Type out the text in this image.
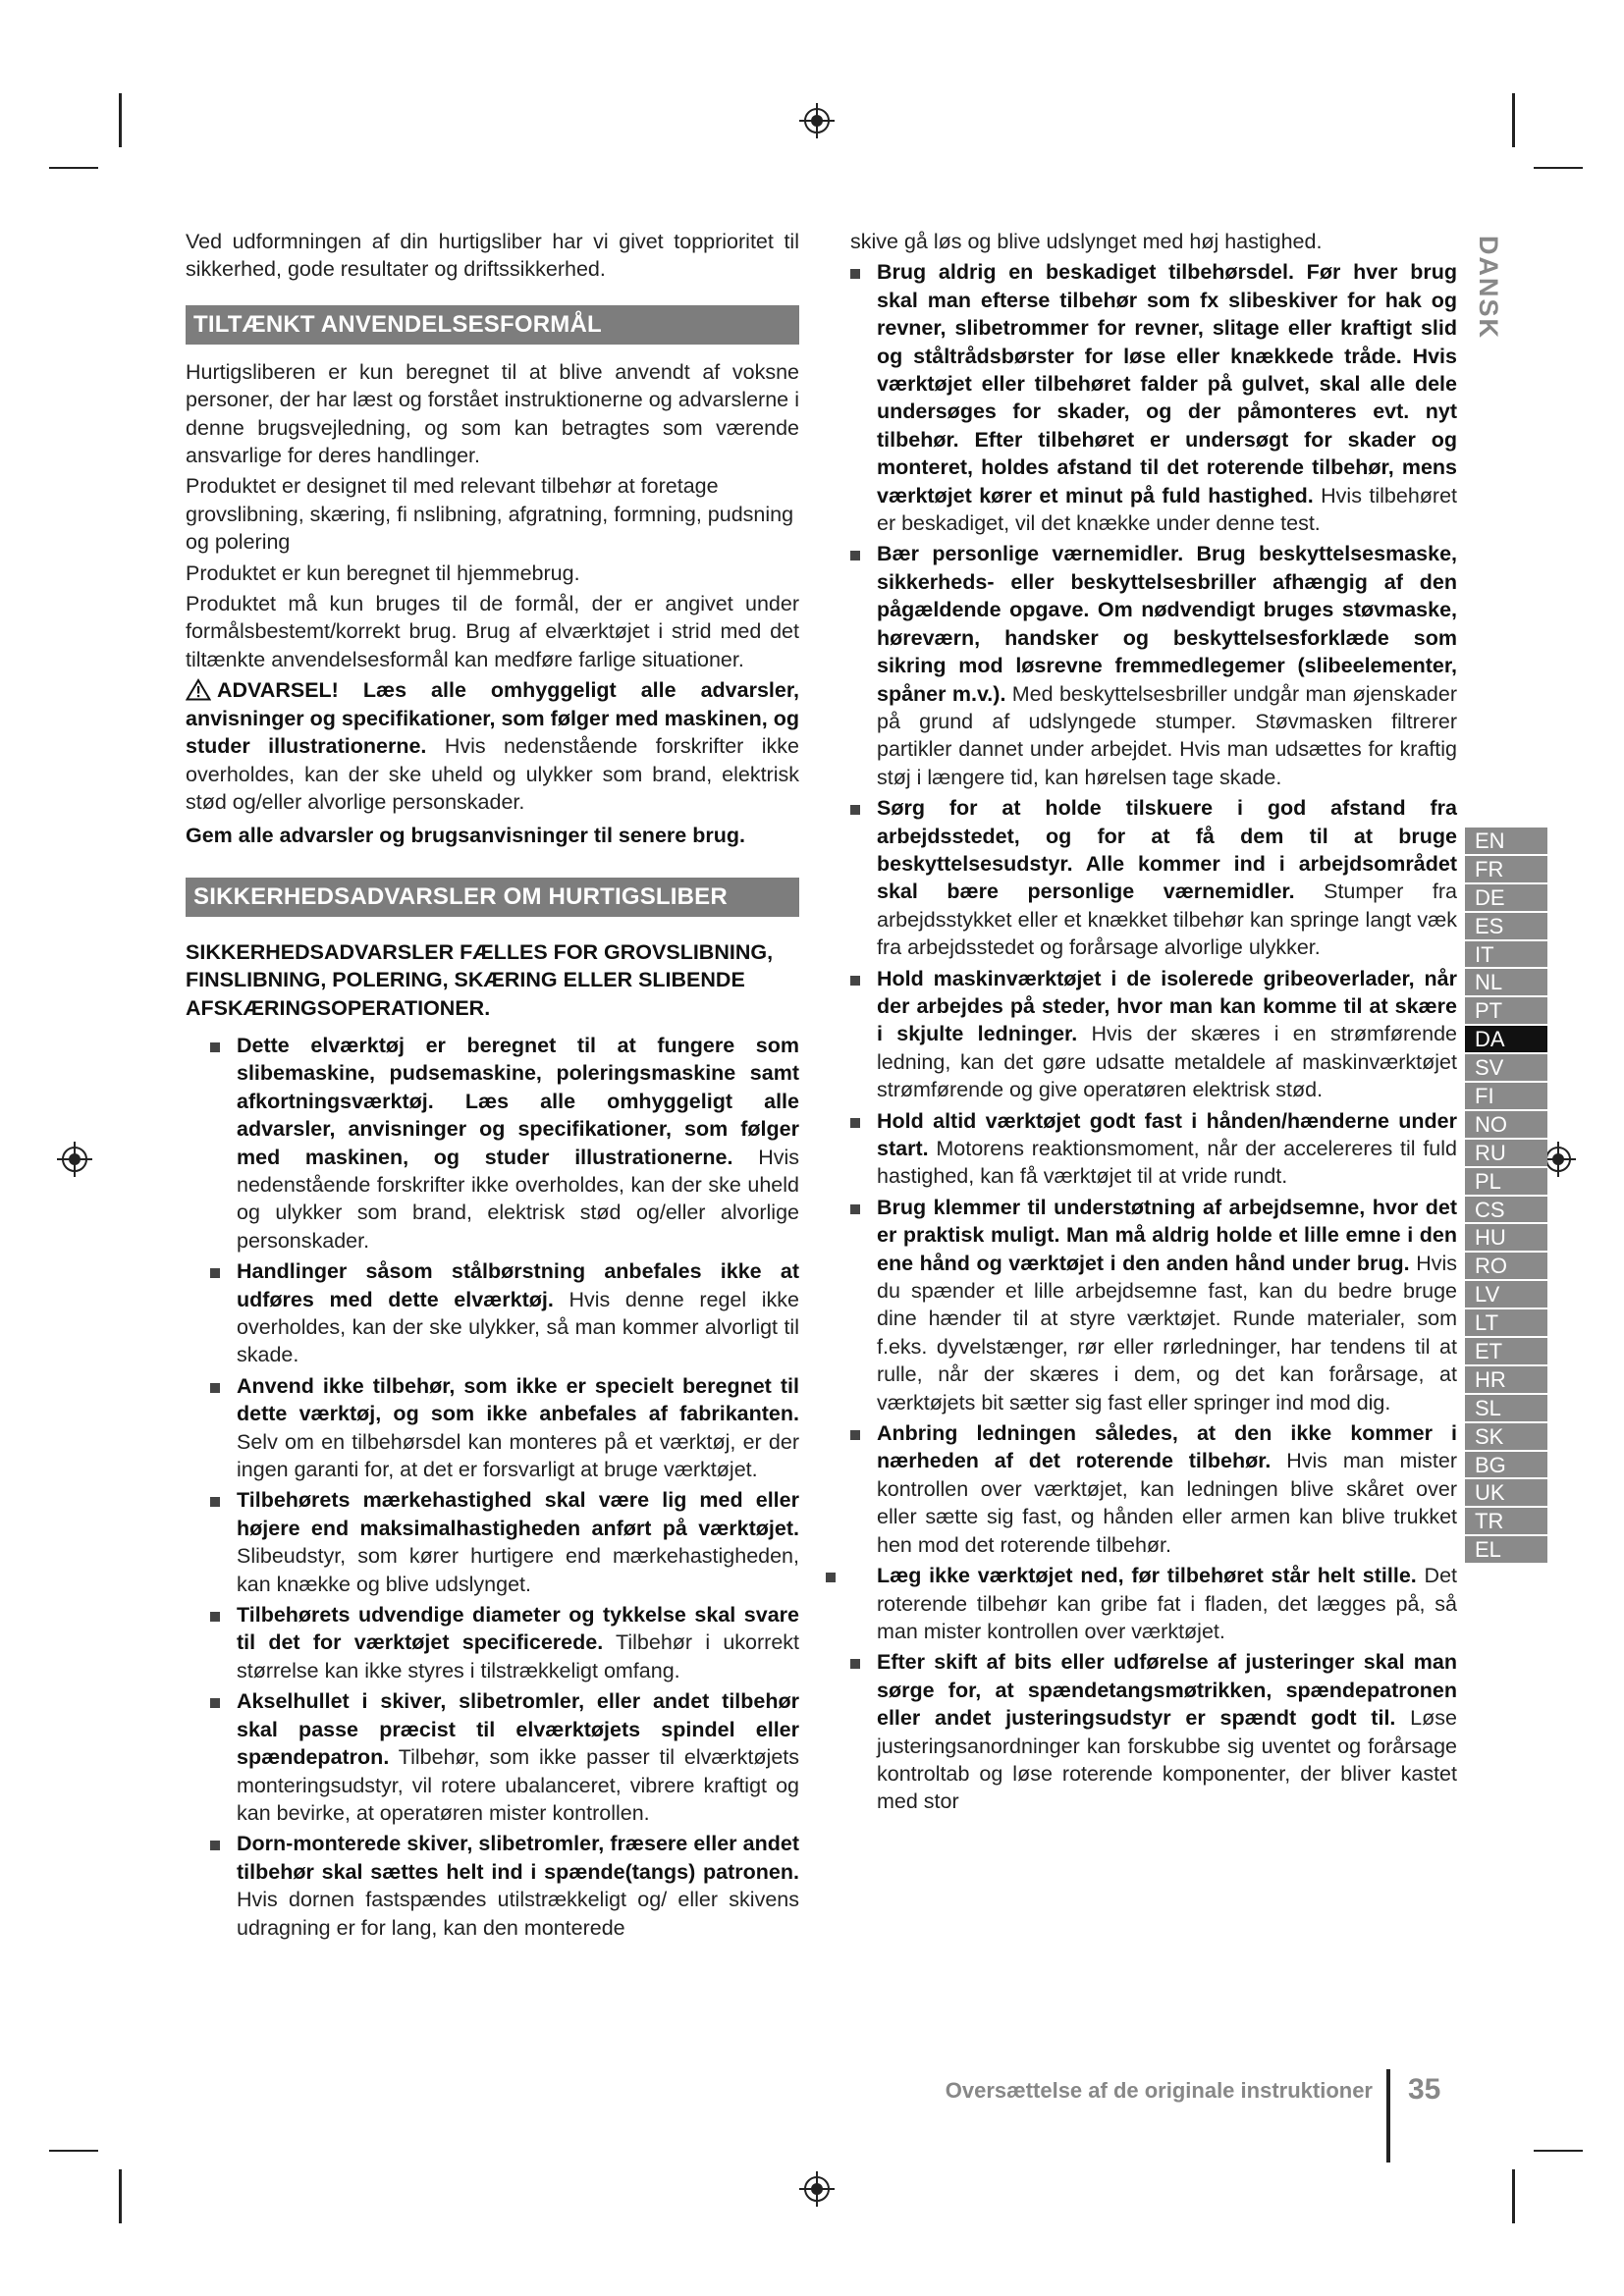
DANSK
EN
FR
DE
ES
IT
NL
PT
DA
SV
FI
NO
RU
PL
CS
HU
RO
LV
LT
ET
HR
SL
SK
BG
UK
TR
EL

Ved udformningen af din hurtigsliber har vi givet topprioritet til sikkerhed, gode resultater og driftssikkerhed.

TILTÆNKT ANVENDELSESFORMÅL

Hurtigsliberen er kun beregnet til at blive anvendt af voksne personer, der har læst og forstået instruktionerne og advarslerne i denne brugsvejledning, og som kan betragtes som værende ansvarlige for deres handlinger.

Produktet er designet til med relevant tilbehør at foretage grovslibning, skæring, fi nslibning, afgratning, formning, pudsning og polering

Produktet er kun beregnet til hjemmebrug.

Produktet må kun bruges til de formål, der er angivet under formålsbestemt/korrekt brug. Brug af elværktøjet i strid med det tiltænkte anvendelsesformål kan medføre farlige situationer.

ADVARSEL! Læs alle omhyggeligt alle advarsler, anvisninger og specifikationer, som følger med maskinen, og studer illustrationerne. Hvis nedenstående forskrifter ikke overholdes, kan der ske uheld og ulykker som brand, elektrisk stød og/eller alvorlige personskader.

Gem alle advarsler og brugsanvisninger til senere brug.

SIKKERHEDSADVARSLER OM HURTIGSLIBER

SIKKERHEDSADVARSLER FÆLLES FOR GROVSLIBNING, FINSLIBNING, POLERING, SKÆRING ELLER SLIBENDE AFSKÆRINGSOPERATIONER.

Dette elværktøj er beregnet til at fungere som slibemaskine, pudsemaskine, poleringsmaskine samt afkortningsværktøj. Læs alle omhyggeligt alle advarsler, anvisninger og specifikationer, som følger med maskinen, og studer illustrationerne. Hvis nedenstående forskrifter ikke overholdes, kan der ske uheld og ulykker som brand, elektrisk stød og/eller alvorlige personskader.
Handlinger såsom stålbørstning anbefales ikke at udføres med dette elværktøj. Hvis denne regel ikke overholdes, kan der ske ulykker, så man kommer alvorligt til skade.
Anvend ikke tilbehør, som ikke er specielt beregnet til dette værktøj, og som ikke anbefales af fabrikanten. Selv om en tilbehørsdel kan monteres på et værktøj, er der ingen garanti for, at det er forsvarligt at bruge værktøjet.
Tilbehørets mærkehastighed skal være lig med eller højere end maksimalhastigheden anført på værktøjet. Slibeudstyr, som kører hurtigere end mærkehastigheden, kan knække og blive udslynget.
Tilbehørets udvendige diameter og tykkelse skal svare til det for værktøjet specificerede. Tilbehør i ukorrekt størrelse kan ikke styres i tilstrækkeligt omfang.
Akselhullet i skiver, slibetromler, eller andet tilbehør skal passe præcist til elværktøjets spindel eller spændepatron. Tilbehør, som ikke passer til elværktøjets monteringsudstyr, vil rotere ubalanceret, vibrere kraftigt og kan bevirke, at operatøren mister kontrollen.
Dorn-monterede skiver, slibetromler, fræsere eller andet tilbehør skal sættes helt ind i spænde(tangs) patronen. Hvis dornen fastspændes utilstrækkeligt og/ eller skivens udragning er for lang, kan den monterede

skive gå løs og blive udslynget med høj hastighed.

Brug aldrig en beskadiget tilbehørsdel. Før hver brug skal man efterse tilbehør som fx slibeskiver for hak og revner, slibetrommer for revner, slitage eller kraftigt slid og ståltrådsbørster for løse eller knækkede tråde. Hvis værktøjet eller tilbehøret falder på gulvet, skal alle dele undersøges for skader, og der påmonteres evt. nyt tilbehør. Efter tilbehøret er undersøgt for skader og monteret, holdes afstand til det roterende tilbehør, mens værktøjet kører et minut på fuld hastighed. Hvis tilbehøret er beskadiget, vil det knække under denne test.
Bær personlige værnemidler. Brug beskyttelsesmaske, sikkerheds- eller beskyttelsesbriller afhængig af den pågældende opgave. Om nødvendigt bruges støvmaske, høreværn, handsker og beskyttelsesforklæde som sikring mod løsrevne fremmedlegemer (slibeelementer, spåner m.v.). Med beskyttelsesbriller undgår man øjenskader på grund af udslyngede stumper. Støvmasken filtrerer partikler dannet under arbejdet. Hvis man udsættes for kraftig støj i længere tid, kan hørelsen tage skade.
Sørg for at holde tilskuere i god afstand fra arbejdsstedet, og for at få dem til at bruge beskyttelsesudstyr. Alle kommer ind i arbejdsområdet skal bære personlige værnemidler. Stumper fra arbejdsstykket eller et knækket tilbehør kan springe langt væk fra arbejdsstedet og forårsage alvorlige ulykker.
Hold maskinværktøjet i de isolerede gribeoverlader, når der arbejdes på steder, hvor man kan komme til at skære i skjulte ledninger. Hvis der skæres i en strømførende ledning, kan det gøre udsatte metaldele af maskinværktøjet strømførende og give operatøren elektrisk stød.
Hold altid værktøjet godt fast i hånden/hænderne under start. Motorens reaktionsmoment, når der accelereres til fuld hastighed, kan få værktøjet til at vride rundt.
Brug klemmer til understøtning af arbejdsemne, hvor det er praktisk muligt. Man må aldrig holde et lille emne i den ene hånd og værktøjet i den anden hånd under brug. Hvis du spænder et lille arbejdsemne fast, kan du bedre bruge dine hænder til at styre værktøjet. Runde materialer, som f.eks. dyvelstænger, rør eller rørledninger, har tendens til at rulle, når der skæres i dem, og det kan forårsage, at værktøjets bit sætter sig fast eller springer ind mod dig.
Anbring ledningen således, at den ikke kommer i nærheden af det roterende tilbehør. Hvis man mister kontrollen over værktøjet, kan ledningen blive skåret over eller sætte sig fast, og hånden eller armen kan blive trukket hen mod det roterende tilbehør.
Læg ikke værktøjet ned, før tilbehøret står helt stille. Det roterende tilbehør kan gribe fat i fladen, det lægges på, så man mister kontrollen over værktøjet.
Efter skift af bits eller udførelse af justeringer skal man sørge for, at spændetangsmøtrikken, spændepatronen eller andet justeringsudstyr er spændt godt til. Løse justeringsanordninger kan forskubbe sig uventet og forårsage kontroltab og løse roterende komponenter, der bliver kastet med stor
Oversættelse af de originale instruktioner 35
